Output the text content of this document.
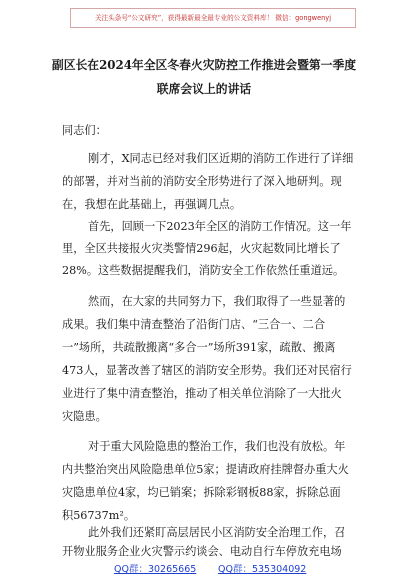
关注头条号“公文研究”，获得最新最全最专业的公文资料库！ 微信：gongwenyj
副区长在2024年全区冬春火灾防控工作推进会暨第一季度
联席会议上的讲话
同志们：
刚才，X同志已经对我们区近期的消防工作进行了详细
的部署，并对当前的消防安全形势进行了深入地研判。现
在，我想在此基础上，再强调几点。
首先，回顾一下2023年全区的消防工作情况。这一年
里，全区共接报火灾类警情296起，火灾起数同比增长了
28%。这些数据提醒我们，消防安全工作依然任重道远。
然而，在大家的共同努力下，我们取得了一些显著的
成果。我们集中清查整治了沿街门店、“三合一、二合
一”场所，共疏散搬离“多合一”场所391家，疏散、搬离
473人，显著改善了辖区的消防安全形势。我们还对民宿行
业进行了集中清查整治，推动了相关单位消除了一大批火
灾隐患。
对于重大风险隐患的整治工作，我们也没有放松。年
内共整治突出风险隐患单位5家；提请政府挂牌督办重大火
灾隐患单位4家，均已销案；拆除彩钢板88家，拆除总面
积56737m²。
此外我们还紧盯高层居民小区消防安全治理工作，召
开物业服务企业火灾警示约谈会、电动自行车停放充电场
QQ群：30265665 QQ群：535304092
